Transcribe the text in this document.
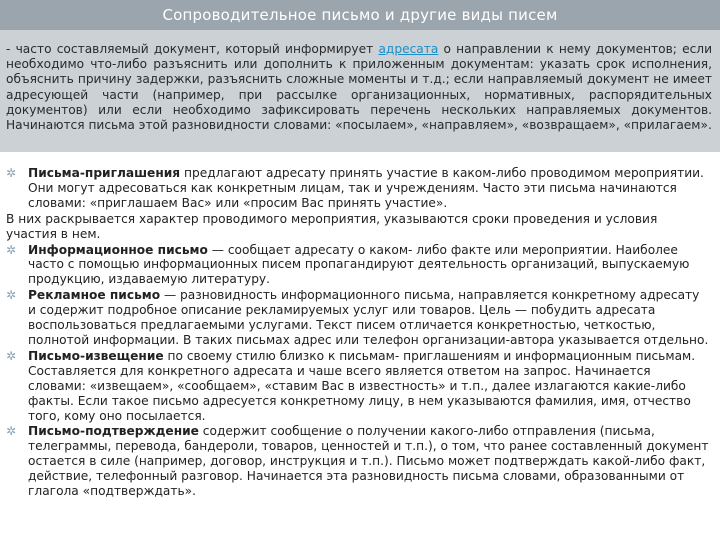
Сопроводительное письмо и другие виды писем

- часто составляемый документ, который информирует адресата о направлении к нему документов; если необходимо что-либо разъяснить или дополнить к приложенным документам: указать срок исполнения, объяснить причину задержки, разъяснить сложные моменты и т.д.; если направляемый документ не имеет адресующей части (например, при рассылке организационных, нормативных, распорядительных документов) или если необходимо зафиксировать перечень нескольких направляемых документов. Начинаются письма этой разновидности словами: «посылаем», «направляем», «возвращаем», «прилагаем».

✲ Письма-приглашения предлагают адресату принять участие в каком-либо проводимом мероприятии. Они могут адресоваться как конкретным лицам, так и учреждениям. Часто эти письма начинаются словами: «приглашаем Вас» или «просим Вас принять участие».
В них раскрывается характер проводимого мероприятия, указываются сроки проведения и условия участия в нем.
✲ Информационное письмо — сообщает адресату о каком- либо факте или мероприятии. Наиболее часто с помощью информационных писем пропагандируют деятельность организаций, выпускаемую продукцию, издаваемую литературу.
✲ Рекламное письмо — разновидность информационного письма, направляется конкретному адресату и содержит подробное описание рекламируемых услуг или товаров. Цель — побудить адресата воспользоваться предлагаемыми услугами. Текст писем отличается конкретностью, четкостью, полнотой информации. В таких письмах адрес или телефон организации-автора указывается отдельно.
✲ Письмо-извещение по своему стилю близко к письмам- приглашениям и информационным письмам. Составляется для конкретного адресата и чаше всего является ответом на запрос. Начинается словами: «извещаем», «сообщаем», «ставим Вас в известность» и т.п., далее излагаются какие-либо факты. Если такое письмо адресуется конкретному лицу, в нем указываются фамилия, имя, отчество того, кому оно посылается.
✲ Письмо-подтверждение содержит сообщение о получении какого-либо отправления (письма, телеграммы, перевода, бандероли, товаров, ценностей и т.п.), о том, что ранее составленный документ остается в силе (например, договор, инструкция и т.п.). Письмо может подтверждать какой-либо факт, действие, телефонный разговор. Начинается эта разновидность письма словами, образованными от глагола «подтверждать».
